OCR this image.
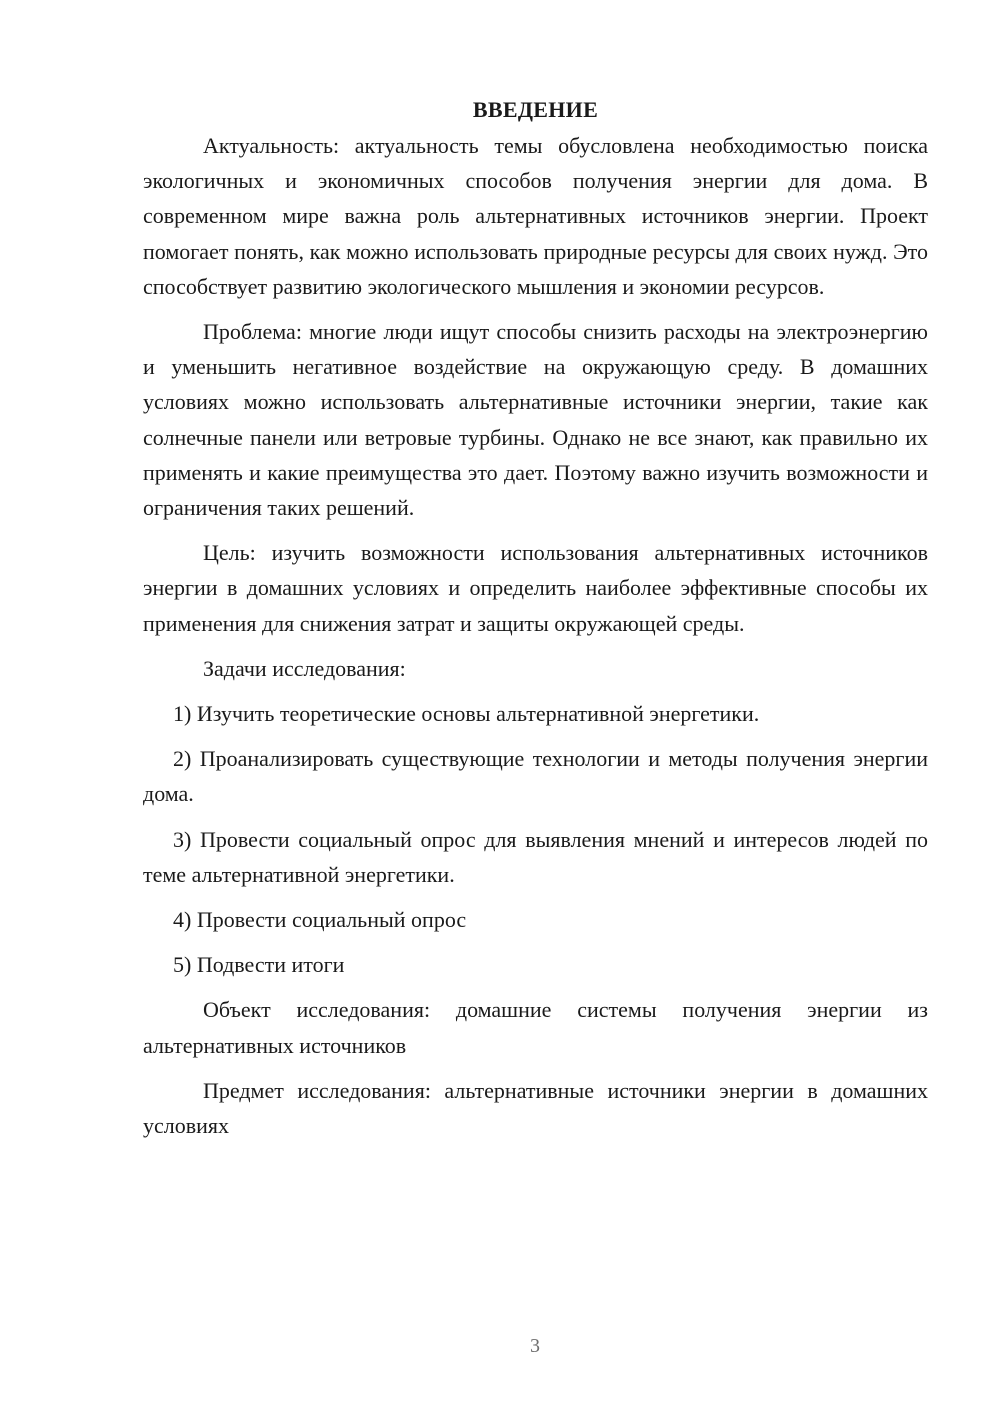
ВВЕДЕНИЕ

Актуальность: актуальность темы обусловлена необходимостью поиска экологичных и экономичных способов получения энергии для дома. В современном мире важна роль альтернативных источников энергии. Проект помогает понять, как можно использовать природные ресурсы для своих нужд. Это способствует развитию экологического мышления и экономии ресурсов.

Проблема: многие люди ищут способы снизить расходы на электроэнергию и уменьшить негативное воздействие на окружающую среду. В домашних условиях можно использовать альтернативные источники энергии, такие как солнечные панели или ветровые турбины. Однако не все знают, как правильно их применять и какие преимущества это дает. Поэтому важно изучить возможности и ограничения таких решений.

Цель: изучить возможности использования альтернативных источников энергии в домашних условиях и определить наиболее эффективные способы их применения для снижения затрат и защиты окружающей среды.

Задачи исследования:

1) Изучить теоретические основы альтернативной энергетики.

2) Проанализировать существующие технологии и методы получения энергии дома.

3) Провести социальный опрос для выявления мнений и интересов людей по теме альтернативной энергетики.

4) Провести социальный опрос

5) Подвести итоги

Объект исследования: домашние системы получения энергии из альтернативных источников

Предмет исследования: альтернативные источники энергии в домашних условиях

3
